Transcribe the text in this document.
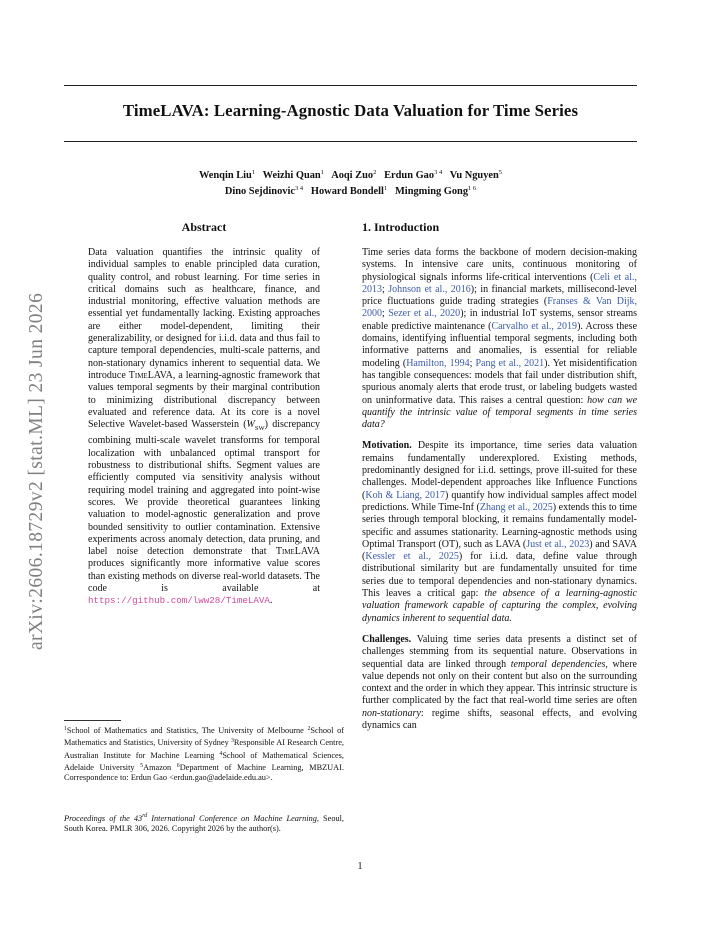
TimeLAVA: Learning-Agnostic Data Valuation for Time Series
Wenqin Liu$^1$ Weizhi Quan$^1$ Aoqi Zuo$^2$ Erdun Gao$^{3 4}$ Vu Nguyen$^5$
Dino Sejdinovic$^{3 4}$ Howard Bondell$^1$ Mingming Gong$^{1 6}$
arXiv:2606.18729v2 [stat.ML] 23 Jun 2026
Abstract

Data valuation quantifies the intrinsic quality of individual samples to enable principled data curation, quality control, and robust learning. For time series in critical domains such as healthcare, finance, and industrial monitoring, effective valuation methods are essential yet fundamentally lacking. Existing approaches are either model-dependent, limiting their generalizability, or designed for i.i.d. data and thus fail to capture temporal dependencies, multi-scale patterns, and non-stationary dynamics inherent to sequential data. We introduce TimeLAVA, a learning-agnostic framework that values temporal segments by their marginal contribution to minimizing distributional discrepancy between evaluated and reference data. At its core is a novel Selective Wavelet-based Wasserstein $(W_{SW})$ discrepancy combining multi-scale wavelet transforms for temporal localization with unbalanced optimal transport for robustness to distributional shifts. Segment values are efficiently computed via sensitivity analysis without requiring model training and aggregated into point-wise scores. We provide theoretical guarantees linking valuation to model-agnostic generalization and prove bounded sensitivity to outlier contamination. Extensive experiments across anomaly detection, data pruning, and label noise detection demonstrate that TimeLAVA produces significantly more informative value scores than existing methods on diverse real-world datasets. The code is available at https://github.com/lww28/TimeLAVA.

1. Introduction

Time series data forms the backbone of modern decision-making systems. In intensive care units, continuous monitoring of physiological signals informs life-critical interventions (Celi et al., 2013; Johnson et al., 2016); in financial markets, millisecond-level price fluctuations guide trading strategies (Franses & Van Dijk, 2000; Sezer et al., 2020); in industrial IoT systems, sensor streams enable predictive maintenance (Carvalho et al., 2019). Across these domains, identifying influential temporal segments, including both informative patterns and anomalies, is essential for reliable modeling (Hamilton, 1994; Pang et al., 2021). Yet misidentification has tangible consequences: models that fail under distribution shift, spurious anomaly alerts that erode trust, or labeling budgets wasted on uninformative data. This raises a central question: how can we quantify the intrinsic value of temporal segments in time series data?

Motivation. Despite its importance, time series data valuation remains fundamentally underexplored. Existing methods, predominantly designed for i.i.d. settings, prove ill-suited for these challenges. Model-dependent approaches like Influence Functions (Koh & Liang, 2017) quantify how individual samples affect model predictions. While Time-Inf (Zhang et al., 2025) extends this to time series through temporal blocking, it remains fundamentally model-specific and assumes stationarity. Learning-agnostic methods using Optimal Transport (OT), such as LAVA (Just et al., 2023) and SAVA (Kessler et al., 2025) for i.i.d. data, define value through distributional similarity but are fundamentally unsuited for time series due to temporal dependencies and non-stationary dynamics. This leaves a critical gap: the absence of a learning-agnostic valuation framework capable of capturing the complex, evolving dynamics inherent to sequential data.

Challenges. Valuing time series data presents a distinct set of challenges stemming from its sequential nature. Observations in sequential data are linked through temporal dependencies, where value depends not only on their content but also on the surrounding context and the order in which they appear. This intrinsic structure is further complicated by the fact that real-world time series are often non-stationary: regime shifts, seasonal effects, and evolving dynamics can

$^1$School of Mathematics and Statistics, The University of Melbourne $^2$School of Mathematics and Statistics, University of Sydney $^3$Responsible AI Research Centre, Australian Institute for Machine Learning $^4$School of Mathematical Sciences, Adelaide University $^5$Amazon $^6$Department of Machine Learning, MBZUAI. Correspondence to: Erdun Gao <erdun.gao@adelaide.edu.au>.
Proceedings of the 43rd International Conference on Machine Learning, Seoul, South Korea. PMLR 306, 2026. Copyright 2026 by the author(s).
1
